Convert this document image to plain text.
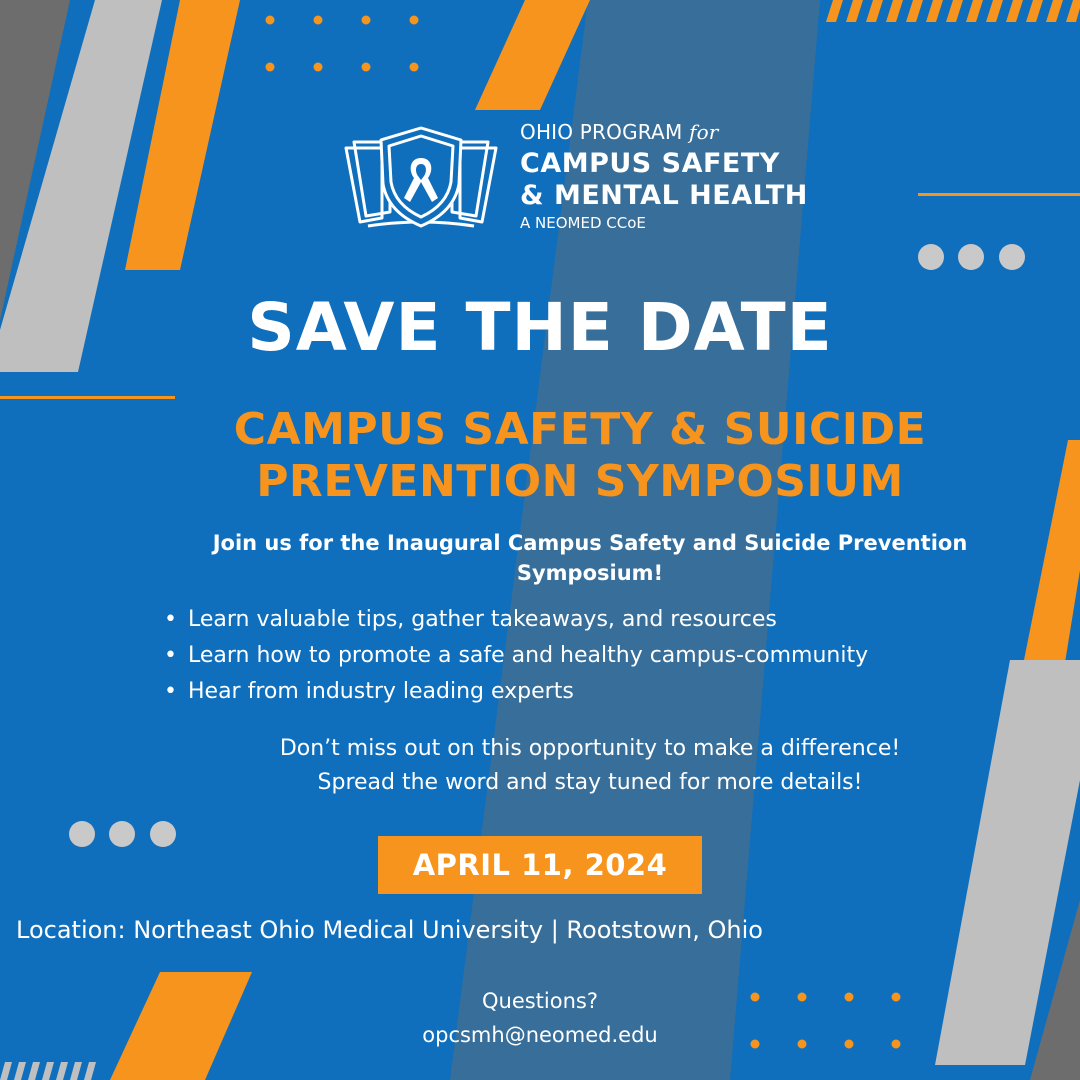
OHIO PROGRAM for
CAMPUS SAFETY
& MENTAL HEALTH
A NEOMED CCoE
SAVE THE DATE
CAMPUS SAFETY & SUICIDE
PREVENTION SYMPOSIUM
Join us for the Inaugural Campus Safety and Suicide Prevention
Symposium!
• Learn valuable tips, gather takeaways, and resources
• Learn how to promote a safe and healthy campus-community
• Hear from industry leading experts
Don’t miss out on this opportunity to make a difference!
Spread the word and stay tuned for more details!
APRIL 11, 2024
Location: Northeast Ohio Medical University | Rootstown, Ohio
Questions?
opcsmh@neomed.edu
